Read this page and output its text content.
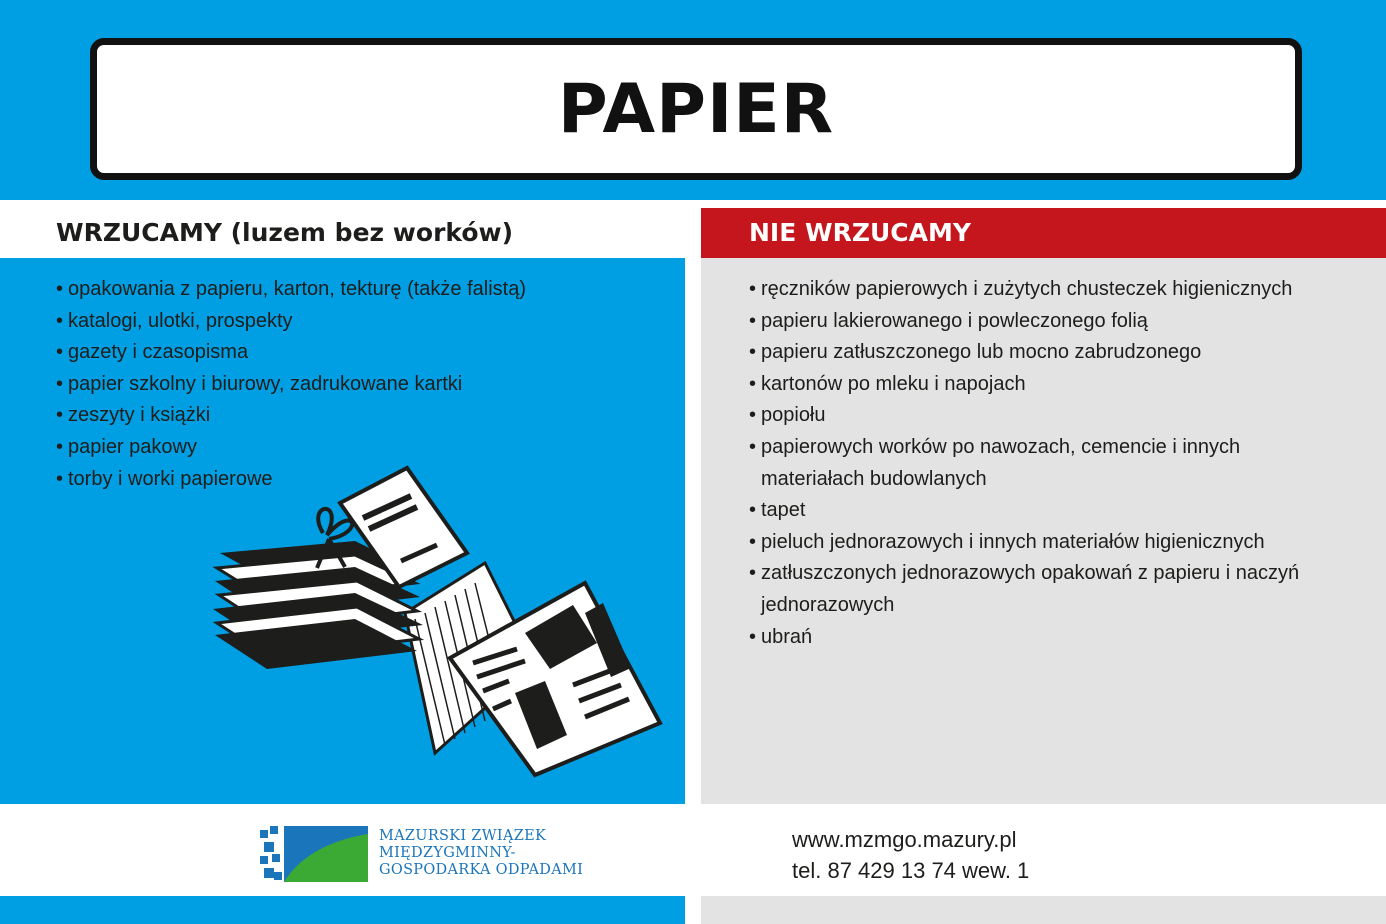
PAPIER
WRZUCAMY (luzem bez worków)	NIE WRZUCAMY
• opakowania z papieru, karton, tekturę (także falistą)
• katalogi, ulotki, prospekty
• gazety i czasopisma
• papier szkolny i biurowy, zadrukowane kartki
• zeszyty i książki
• papier pakowy
• torby i worki papierowe
• ręczników papierowych i zużytych chusteczek higienicznych
• papieru lakierowanego i powleczonego folią
• papieru zatłuszczonego lub mocno zabrudzonego
• kartonów po mleku i napojach
• popiołu
• papierowych worków po nawozach, cemencie i innych materiałach budowlanych
• tapet
• pieluch jednorazowych i innych materiałów higienicznych
• zatłuszczonych jednorazowych opakowań z papieru i naczyń jednorazowych
• ubrań
MAZURSKI ZWIĄZEK
MIĘDZYGMINNY-
GOSPODARKA ODPADAMI
www.mzmgo.mazury.pl
tel. 87 429 13 74 wew. 1
